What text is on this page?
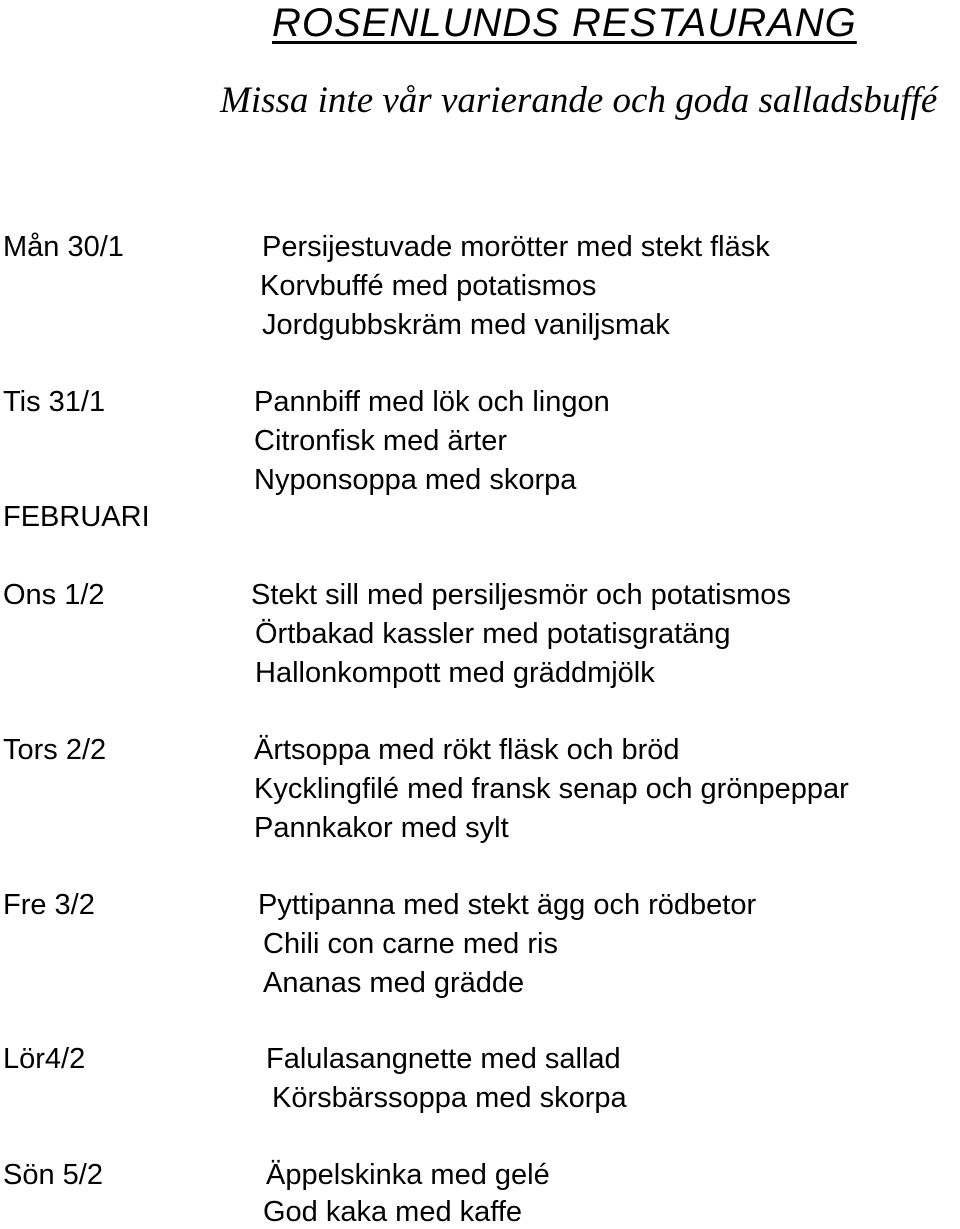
ROSENLUNDS RESTAURANG
Missa inte vår varierande och goda salladsbuffé
Mån 30/1	Persijestuvade morötter med stekt fläsk
Korvbuffé med potatismos
Jordgubbskräm med vaniljsmak
Tis 31/1	Pannbiff med lök och lingon
Citronfisk med ärter
Nyponsoppa med skorpa
FEBRUARI
Ons 1/2	Stekt sill med persiljesmör och potatismos
Örtbakad kassler med potatisgratäng
Hallonkompott med gräddmjölk
Tors 2/2	Ärtsoppa med rökt fläsk och bröd
Kycklingfilé med fransk senap och grönpeppar
Pannkakor med sylt
Fre 3/2	Pyttipanna med stekt ägg och rödbetor
Chili con carne med ris
Ananas med grädde
Lör4/2	Falulasangnette med sallad
Körsbärssoppa med skorpa
Sön 5/2	Äppelskinka med gelé
God kaka med kaffe
